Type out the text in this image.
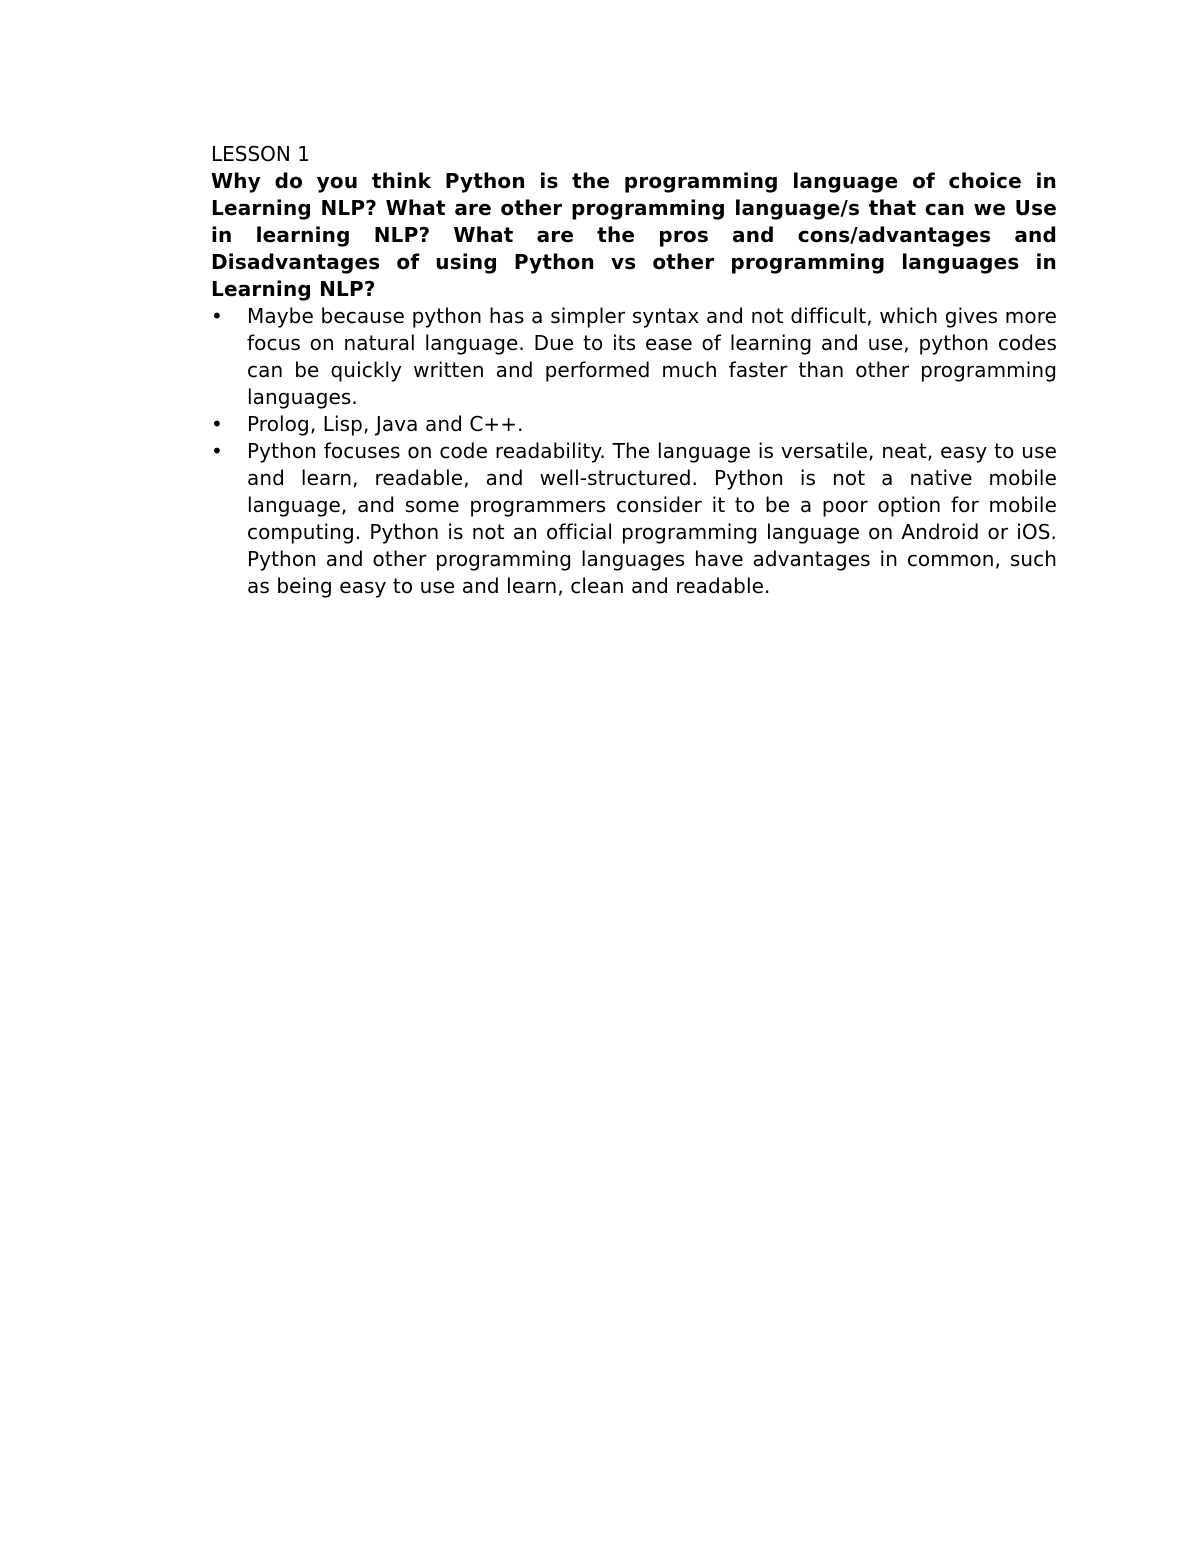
LESSON 1

Why do you think Python is the programming language of choice in Learning NLP? What are other programming language/s that can we Use in learning NLP? What are the pros and cons/advantages and Disadvantages of using Python vs other programming languages in Learning NLP?

•	Maybe because python has a simpler syntax and not difficult, which gives more focus on natural language. Due to its ease of learning and use, python codes can be quickly written and performed much faster than other programming languages.
•	Prolog, Lisp, Java and C++.
•	Python focuses on code readability. The language is versatile, neat, easy to use and learn, readable, and well-structured. Python is not a native mobile language, and some programmers consider it to be a poor option for mobile computing. Python is not an official programming language on Android or iOS. Python and other programming languages have advantages in common, such as being easy to use and learn, clean and readable.
